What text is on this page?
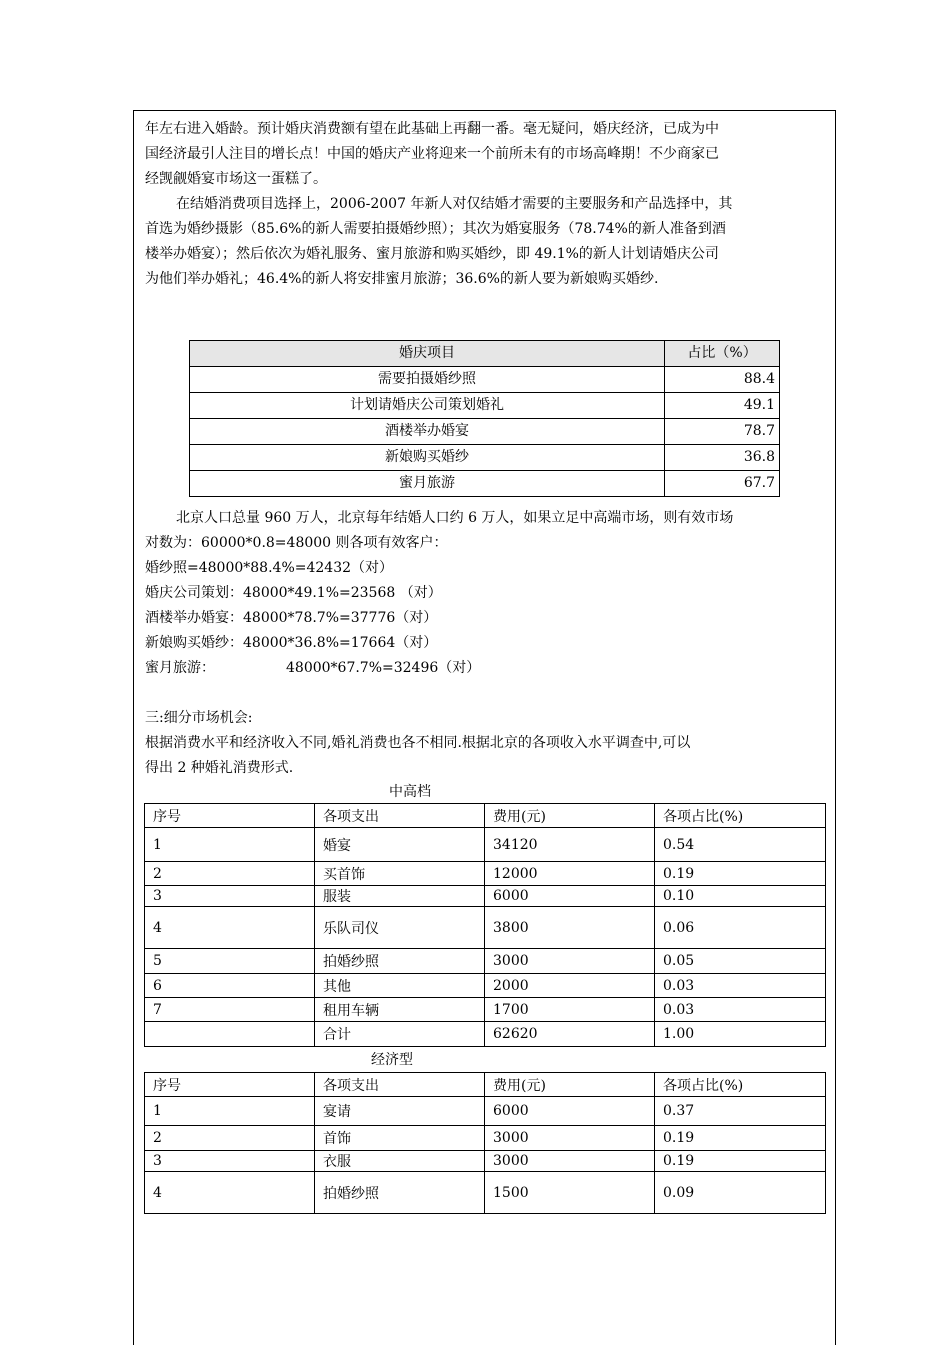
年左右进入婚龄。预计婚庆消费额有望在此基础上再翻一番。毫无疑问，婚庆经济，已成为中
国经济最引人注目的增长点！中国的婚庆产业将迎来一个前所未有的市场高峰期！不少商家已
经觊觎婚宴市场这一蛋糕了。
在结婚消费项目选择上，2006-2007 年新人对仅结婚才需要的主要服务和产品选择中，其
首选为婚纱摄影（85.6%的新人需要拍摄婚纱照）；其次为婚宴服务（78.74%的新人准备到酒
楼举办婚宴）；然后依次为婚礼服务、蜜月旅游和购买婚纱，即 49.1%的新人计划请婚庆公司
为他们举办婚礼；46.4%的新人将安排蜜月旅游；36.6%的新人要为新娘购买婚纱.
婚庆项目	占比（%）
需要拍摄婚纱照	88.4
计划请婚庆公司策划婚礼	49.1
酒楼举办婚宴	78.7
新娘购买婚纱	36.8
蜜月旅游	67.7
北京人口总量 960 万人，北京每年结婚人口约 6 万人，如果立足中高端市场，则有效市场
对数为：60000*0.8=48000 则各项有效客户：
婚纱照=48000*88.4%=42432（对）
婚庆公司策划：48000*49.1%=23568 （对）
酒楼举办婚宴：48000*78.7%=37776（对）
新娘购买婚纱：48000*36.8%=17664（对）
蜜月旅游：	48000*67.7%=32496（对）
三:细分市场机会:
根据消费水平和经济收入不同,婚礼消费也各不相同.根据北京的各项收入水平调查中,可以
得出 2 种婚礼消费形式.
中高档
序号	各项支出	费用(元)	各项占比(%)
1	婚宴	34120	0.54
2	买首饰	12000	0.19
3	服装	6000	0.10
4	乐队司仪	3800	0.06
5	拍婚纱照	3000	0.05
6	其他	2000	0.03
7	租用车辆	1700	0.03
	合计	62620	1.00
经济型
序号	各项支出	费用(元)	各项占比(%)
1	宴请	6000	0.37
2	首饰	3000	0.19
3	衣服	3000	0.19
4	拍婚纱照	1500	0.09
